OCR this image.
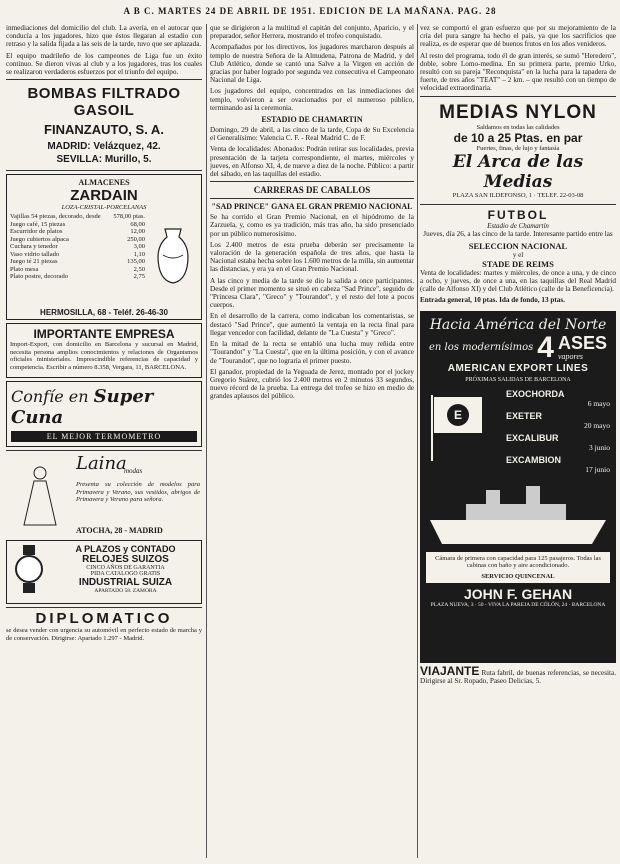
A B C. MARTES 24 DE ABRIL DE 1951. EDICION DE LA MAÑANA. PAG. 28

inmediaciones del domicilio del club. La avería, en el autocar que conducía a los jugadores, hizo que éstos llegaran al estadio con retraso y la salida fijada a las seis de la tarde, tuvo que ser aplazada.

El equipo madrileño de los campeones de Liga fue un éxito continuo. Se dieron vivas al club y a los jugadores, tras los cuales se realizaron verdaderos esfuerzos por el triunfo del equipo.

BOMBAS FILTRADO GASOIL
FINANZAUTO, S. A.
MADRID: Velázquez, 42.
SEVILLA: Murillo, 5.
ALMACENES
ZARDAIN
LOZA-CRISTAL-PORCELANAS
Vajillas 54 piezas, decorado, desde	578,00 ptas.
Juego café, 15 piezas	68,00
Escurridor de platos	12,00
Juego cubiertos alpaca	250,00
Cuchara y tenedor	3,00
Vaso vidrio tallado	1,10
Juego té 21 piezas	135,00
Plato mesa	2,50
Plato postre, decorado	2,75
HERMOSILLA, 68 - Teléf. 26-46-30
IMPORTANTE EMPRESA

Import-Export, con domicilio en Barcelona y sucursal en Madrid, necesita persona amplios conocimientos y relaciones de Organismos oficiales ministeriales. Imprescindible referencias de capacidad y competencia. Escribir a número 8.358, Vergara, 11, BARCELONA.

Confíe en Super Cuna
EL MEJOR TERMOMETRO
Laina
modas

Presenta su colección de modelos para Primavera y Verano, sus vestidos, abrigos de Primavera y Verano para señora.

ATOCHA, 28 - MADRID
A PLAZOS y CONTADO
RELOJES SUIZOS
CINCO AÑOS DE GARANTIA
PIDA CATALOGO GRATIS
INDUSTRIAL SUIZA
APARTADO 58. ZAMORA
DIPLOMATICO

se desea vender con urgencia su automóvil en perfecto estado de marcha y de conservación. Dirigirse: Apartado 1.297 - Madrid.

que se dirigieron a la multitud el capitán del conjunto, Aparicio, y el preparador, señor Herrera, mostrando el trofeo conquistado.

Acompañados por los directivos, los jugadores marcharon después al templo de nuestra Señora de la Almudena, Patrona de Madrid, y del Club Atlético, donde se cantó una Salve a la Virgen en acción de gracias por haber logrado por segunda vez consecutiva el Campeonato Nacional de Liga.

Los jugadores del equipo, concentrados en las inmediaciones del templo, volvieron a ser ovacionados por el numeroso público, terminando así la ceremonia.

ESTADIO DE CHAMARTIN

Domingo, 29 de abril, a las cinco de la tarde, Copa de Su Excelencia el Generalísimo: Valencia C. F. - Real Madrid C. de F.

Venta de localidades: Abonados: Podrán retirar sus localidades, previa presentación de la tarjeta correspondiente, el martes, miércoles y jueves, en Alfonso XI, 4, de nueve a diez de la noche. Público: a partir del sábado, en las taquillas del estadio.

CARRERAS DE CABALLOS
"SAD PRINCE" GANA EL GRAN PREMIO NACIONAL

Se ha corrido el Gran Premio Nacional, en el hipódromo de la Zarzuela, y, como es ya tradición, más tras año, ha sido presenciado por un público numerosísimo.

Los 2.400 metros de esta prueba deberán ser precisamente la valoración de la generación española de tres años, que hasta la Nacional estaba hecha sobre los 1.600 metros de la milla, sin aumentar las distancias, y era ya en el Gran Premio Nacional.

A las cinco y media de la tarde se dio la salida a once participantes. Desde el primer momento se situó en cabeza "Sad Prince", seguido de "Princesa Clara", "Greco" y "Tourandot", y el resto del lote a pocos cuerpos.

En el desarrollo de la carrera, como indicaban los comentaristas, se destacó "Sad Prince", que aumentó la ventaja en la recta final para llegar vencedor con facilidad, delante de "La Cuesta" y "Greco".

En la mitad de la recta se entabló una lucha muy reñida entre "Tourandot" y "La Cuesta", que en la última posición, y con el avance de "Tourandot", que no lograría el primer puesto.

El ganador, propiedad de la Yeguada de Jerez, montado por el jockey Gregorio Suárez, cubrió los 2.400 metros en 2 minutos 33 segundos, nuevo récord de la prueba. La entrega del trofeo se hizo en medio de grandes aplausos del público.

vez se comportó el gran esfuerzo que por su mejoramiento de la cría del pura sangre ha hecho el país, ya que los sacrificios que realiza, es de esperar que dé buenos frutos en los años venideros.

Al resto del programa, todo él de gran interés, se sumó "Heredero", doble, sobre Lomo-medina. En su primera parte, premio Urko, resultó con su pareja "Reconquista" en la lucha para la tapadera de fuerte, de tres años "TEAT" – 2 km. – que resultó con un tiempo de velocidad extraordinaria.

MEDIAS NYLON
Saldamos en todas las calidades
de 10 a 25 Ptas. en par
Fuertes, finas, de lujo y fantasía
El Arca de las Medias
PLAZA SAN ILDEFONSO, 1 · TELEF. 22-03-08
FUTBOL
Estadio de Chamartín

Jueves, día 26, a las cinco de la tarde. Interesante partido entre las

SELECCION NACIONAL
y el
STADE DE REIMS

Venta de localidades: martes y miércoles, de once a una, y de cinco a ocho, y jueves, de once a una, en las taquillas del Real Madrid (calle de Alfonso XI) y del Club Atlético (calle de la Beneficencia).

Entrada general, 10 ptas. Ida de fondo, 13 ptas.

Hacia América del Norte
en los modernísimos 4 ASES
vapores
AMERICAN EXPORT LINES
PRÓXIMAS SALIDAS DE BARCELONA
E
EXOCHORDA
6 mayo
EXETER
20 mayo
EXCALIBUR
3 junio
EXCAMBION
17 junio

Cámara de primera con capacidad para 125 pasajeros. Todas las cabinas con baño y aire acondicionado.

SERVICIO QUINCENAL
JOHN F. GEHAN
PLAZA NUEVA, 3 · 50 - VIVA LA PAREJA DE CÓLÓN, 24 · BARCELONA

VIAJANTE Ruta fabril, de buenas referencias, se necesita. Dirigirse al Sr. Ropado, Paseo Delicias, 5.
